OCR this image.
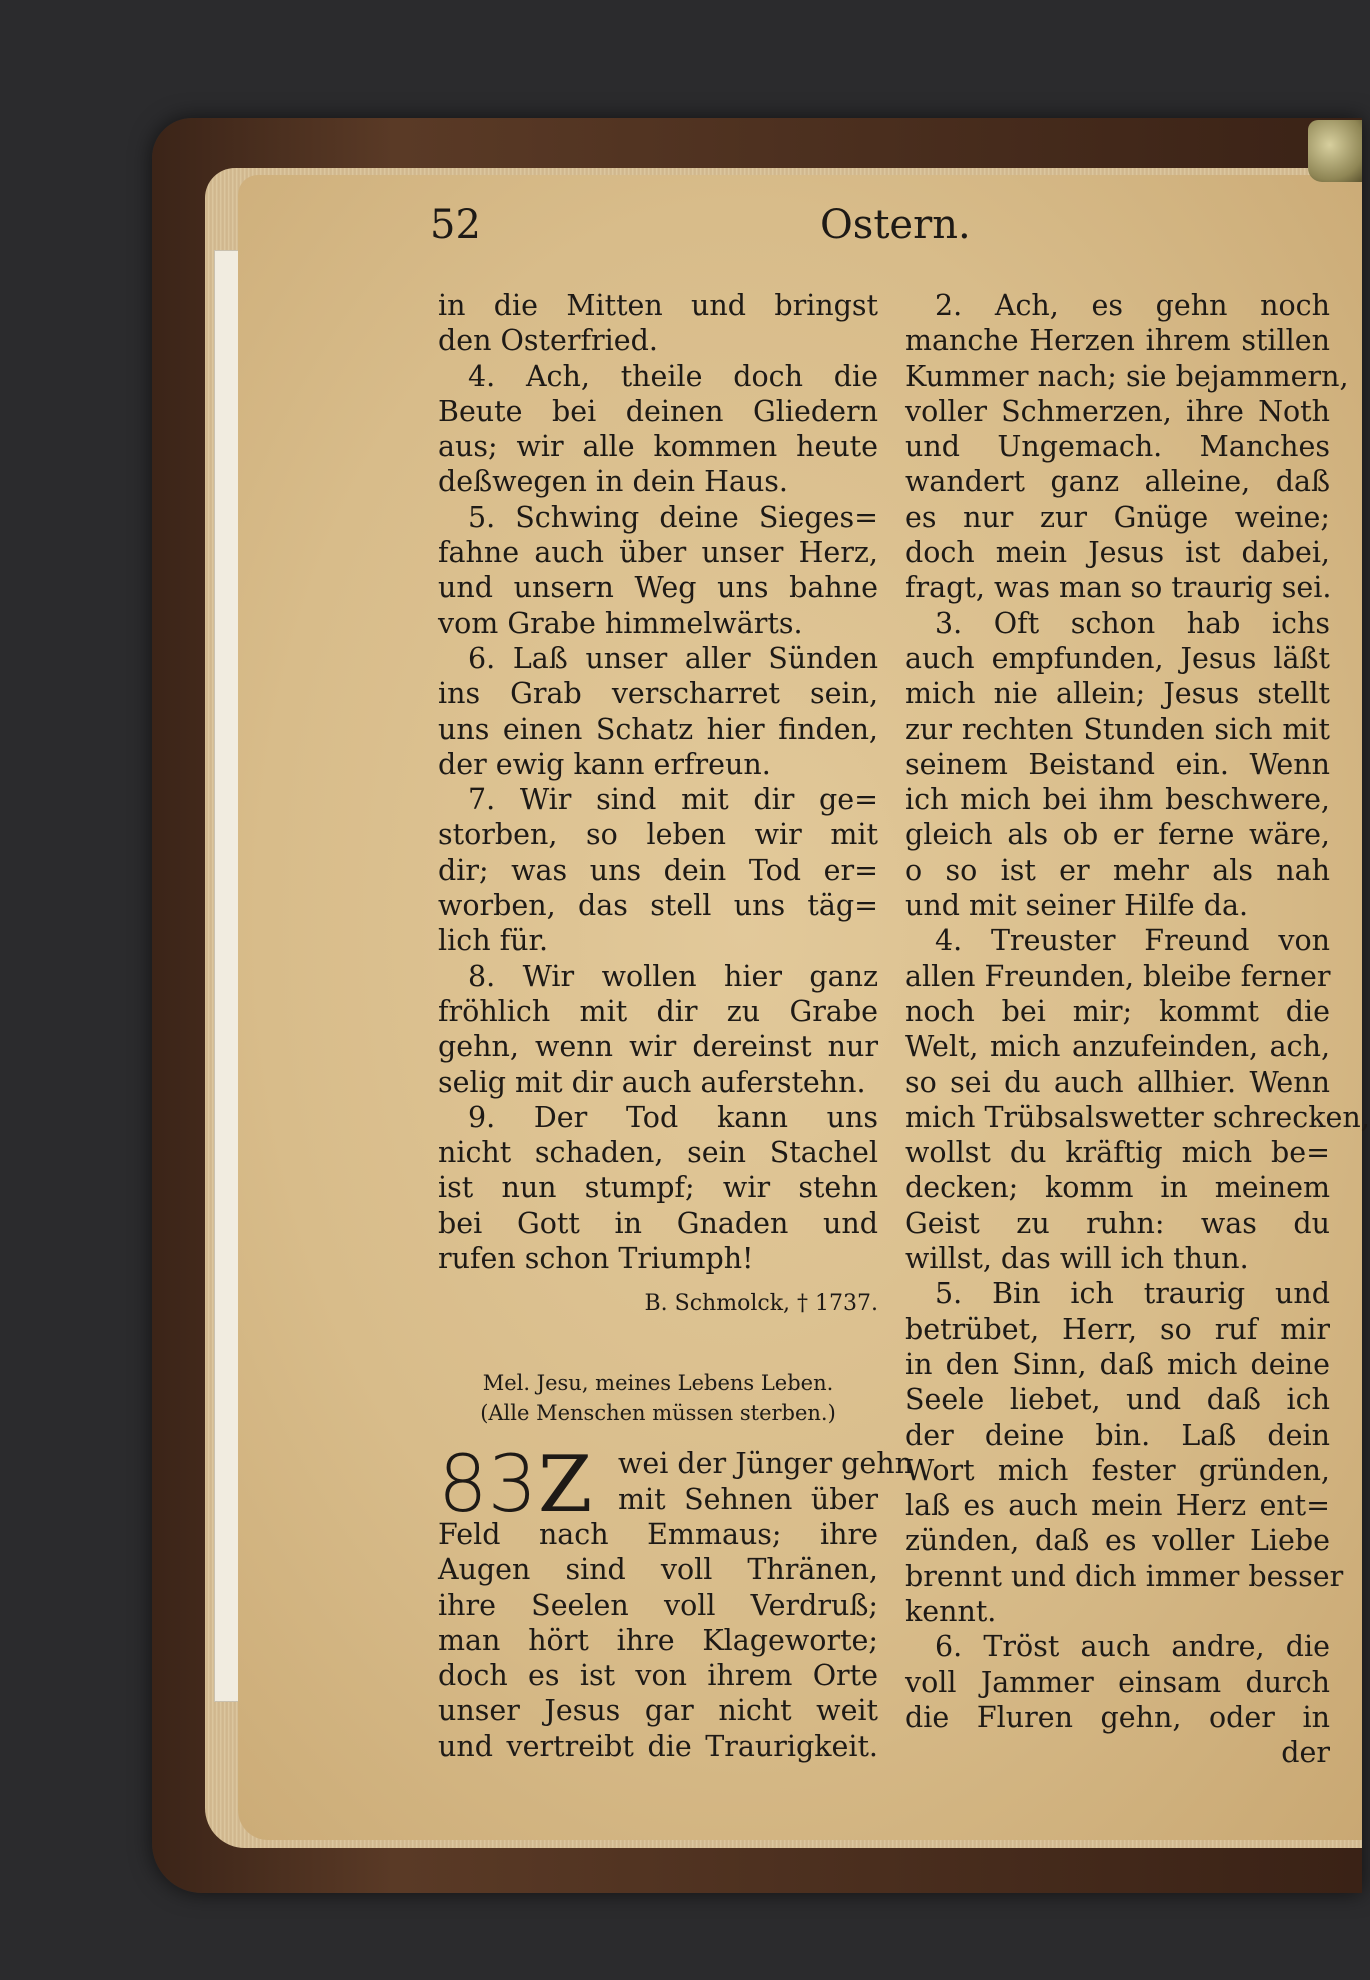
52	Ostern.
in die Mitten und bringst
den Osterfried.
4. Ach, theile doch die
Beute bei deinen Gliedern
aus; wir alle kommen heute
deßwegen in dein Haus.
5. Schwing deine Sieges=
fahne auch über unser Herz,
und unsern Weg uns bahne
vom Grabe himmelwärts.
6. Laß unser aller Sünden
ins Grab verscharret sein,
uns einen Schatz hier finden,
der ewig kann erfreun.
7. Wir sind mit dir ge=
storben, so leben wir mit
dir; was uns dein Tod er=
worben, das stell uns täg=
lich für.
8. Wir wollen hier ganz
fröhlich mit dir zu Grabe
gehn, wenn wir dereinst nur
selig mit dir auch auferstehn.
9. Der Tod kann uns
nicht schaden, sein Stachel
ist nun stumpf; wir stehn
bei Gott in Gnaden und
rufen schon Triumph!
B. Schmolck, † 1737.
Mel. Jesu, meines Lebens Leben.
(Alle Menschen müssen sterben.)
83 Z wei der Jünger gehn
mit Sehnen über
Feld nach Emmaus; ihre
Augen sind voll Thränen,
ihre Seelen voll Verdruß;
man hört ihre Klageworte;
doch es ist von ihrem Orte
unser Jesus gar nicht weit
und vertreibt die Traurigkeit.
2. Ach, es gehn noch
manche Herzen ihrem stillen
Kummer nach; sie bejammern,
voller Schmerzen, ihre Noth
und Ungemach. Manches
wandert ganz alleine, daß
es nur zur Gnüge weine;
doch mein Jesus ist dabei,
fragt, was man so traurig sei.
3. Oft schon hab ichs
auch empfunden, Jesus läßt
mich nie allein; Jesus stellt
zur rechten Stunden sich mit
seinem Beistand ein. Wenn
ich mich bei ihm beschwere,
gleich als ob er ferne wäre,
o so ist er mehr als nah
und mit seiner Hilfe da.
4. Treuster Freund von
allen Freunden, bleibe ferner
noch bei mir; kommt die
Welt, mich anzufeinden, ach,
so sei du auch allhier. Wenn
mich Trübsalswetter schrecken,
wollst du kräftig mich be=
decken; komm in meinem
Geist zu ruhn: was du
willst, das will ich thun.
5. Bin ich traurig und
betrübet, Herr, so ruf mir
in den Sinn, daß mich deine
Seele liebet, und daß ich
der deine bin. Laß dein
Wort mich fester gründen,
laß es auch mein Herz ent=
zünden, daß es voller Liebe
brennt und dich immer besser
kennt.
6. Tröst auch andre, die
voll Jammer einsam durch
die Fluren gehn, oder in
der
